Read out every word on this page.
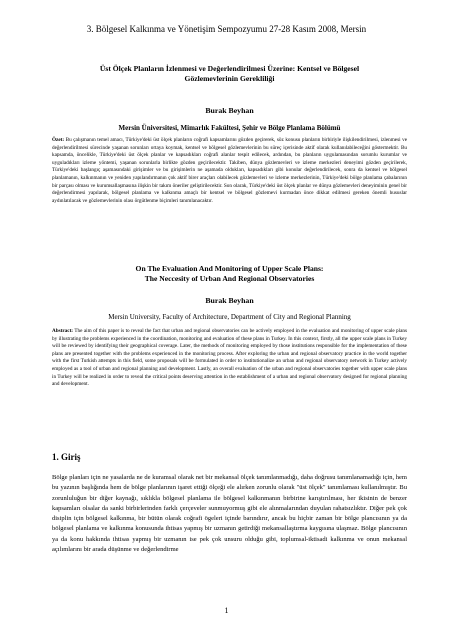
3. Bölgesel Kalkınma ve Yönetişim Sempozyumu 27-28 Kasım 2008, Mersin
Üst Ölçek Planların İzlenmesi ve Değerlendirilmesi Üzerine: Kentsel ve Bölgesel
Gözlemevlerinin Gerekliliği
Burak Beyhan
Mersin Üniversitesi, Mimarlık Fakültesi, Şehir ve Bölge Planlama Bölümü
Özet: Bu çalışmanın temel amacı, Türkiye'deki üst ölçek planların coğrafi kapsamlarını gözden geçirerek, söz konusu planların birbiriyle ilişkilendirilmesi, izlenmesi ve değerlendirilmesi sürecinde yaşanan sorunları ortaya koymak, kentsel ve bölgesel gözlemevlerinin bu süreç içerisinde aktif olarak kullanılabileceğini göstermektir. Bu kapsamda, öncelikle, Türkiye'deki üst ölçek planlar ve kapsadıkları coğrafi alanlar tespit edilecek, ardından, bu planların uygulamasından sorumlu kurumlar ve uyguladıkları izleme yöntemi, yaşanan sorunlarla birlikte gözden geçirilecektir. Takiben, dünya gözlemevleri ve izleme merkezleri deneyimi gözden geçirilerek, Türkiye'deki başlangıç aşamasındaki girişimler ve bu girişimlerin ne aşamada oldukları, kapsadıkları gibi konular değerlendirilecek, sonra da kentsel ve bölgesel planlamanın, kalkınmanın ve yeniden yapılandırmanın çok aktif birer araçları olabilecek gözlemevleri ve izleme merkezlerinin, Türkiye'deki bölge planlama çabalarının bir parçası olması ve kurumsallaşmasına ilişkin bir takım öneriler geliştirilecektir. Son olarak, Türkiye'deki üst ölçek planlar ve dünya gözlemevleri deneyiminin genel bir değerlendirmesi yapılarak, bölgesel planlama ve kalkınma amaçlı bir kentsel ve bölgesel gözlemevi kurmadan önce dikkat edilmesi gereken önemli hususlar aydınlatılacak ve gözlemevlerinin olası örgütlenme biçimleri tanımlanacaktır.
On The Evaluation And Monitoring of Upper Scale Plans:
The Neccesity of Urban And Regional Observatories
Burak Beyhan
Mersin University, Faculty of Architecture, Department of City and Regional Planning
Abstract: The aim of this paper is to reveal the fact that urban and regional observatories can be actively employed in the evaluation and monitoring of upper scale plans by illustrating the problems experienced in the coordination, monitoring and evaluation of these plans in Turkey. In this context, firstly, all the upper scale plans in Turkey will be reviewed by identifying their geographical coverage. Later, the methods of monitoring employed by those institutions responsible for the implementation of these plans are presented together with the problems experienced in the monitoring process. After exploring the urban and regional observatory practice in the world together with the first Turkish attempts in this field, some proposals will be formulated in order to institutionalize an urban and regional observatory network in Turkey actively employed as a tool of urban and regional planning and development. Lastly, an overall evaluation of the urban and regional observatories together with upper scale plans in Turkey will be realized in order to reveal the critical points deserving attention in the establishment of a urban and regional observatory designed for regional planning and development.
1. Giriş
Bölge planları için ne yasalarda ne de kuramsal olarak net bir mekansal ölçek tanımlanmadığı, daha doğrusu tanımlanamadığı için, hem bu yazının başlığında hem de bölge planlarının işaret ettiği ölçeği ele alırken zorunlu olarak "üst ölçek" tanımlaması kullanılmıştır. Bu zorunluluğun bir diğer kaynağı, sıklıkla bölgesel planlama ile bölgesel kalkınmanın birbirine karıştırılması, her ikisinin de benzer kapsamları olsalar da sanki birbirlerinden farklı çerçeveler sunmuyormuş gibi ele alınmalarından duyulan rahatsızlıktır. Diğer pek çok disiplin için bölgesel kalkınma, bir bütün olarak coğrafi ögeleri içinde barındırır, ancak bu hiçbir zaman bir bölge plancısının ya da bölgesel planlama ve kalkınma konusunda ihtisas yapmış bir uzmanın getirdiği mekansallaştırma kaygısına ulaşmaz. Bölge plancısının ya da konu hakkında ihtisas yapmış bir uzmanın ise pek çok unsuru olduğu gibi, toplumsal-iktisadi kalkınma ve onun mekansal açılımlarını bir arada düşünme ve değerlendirme
1
